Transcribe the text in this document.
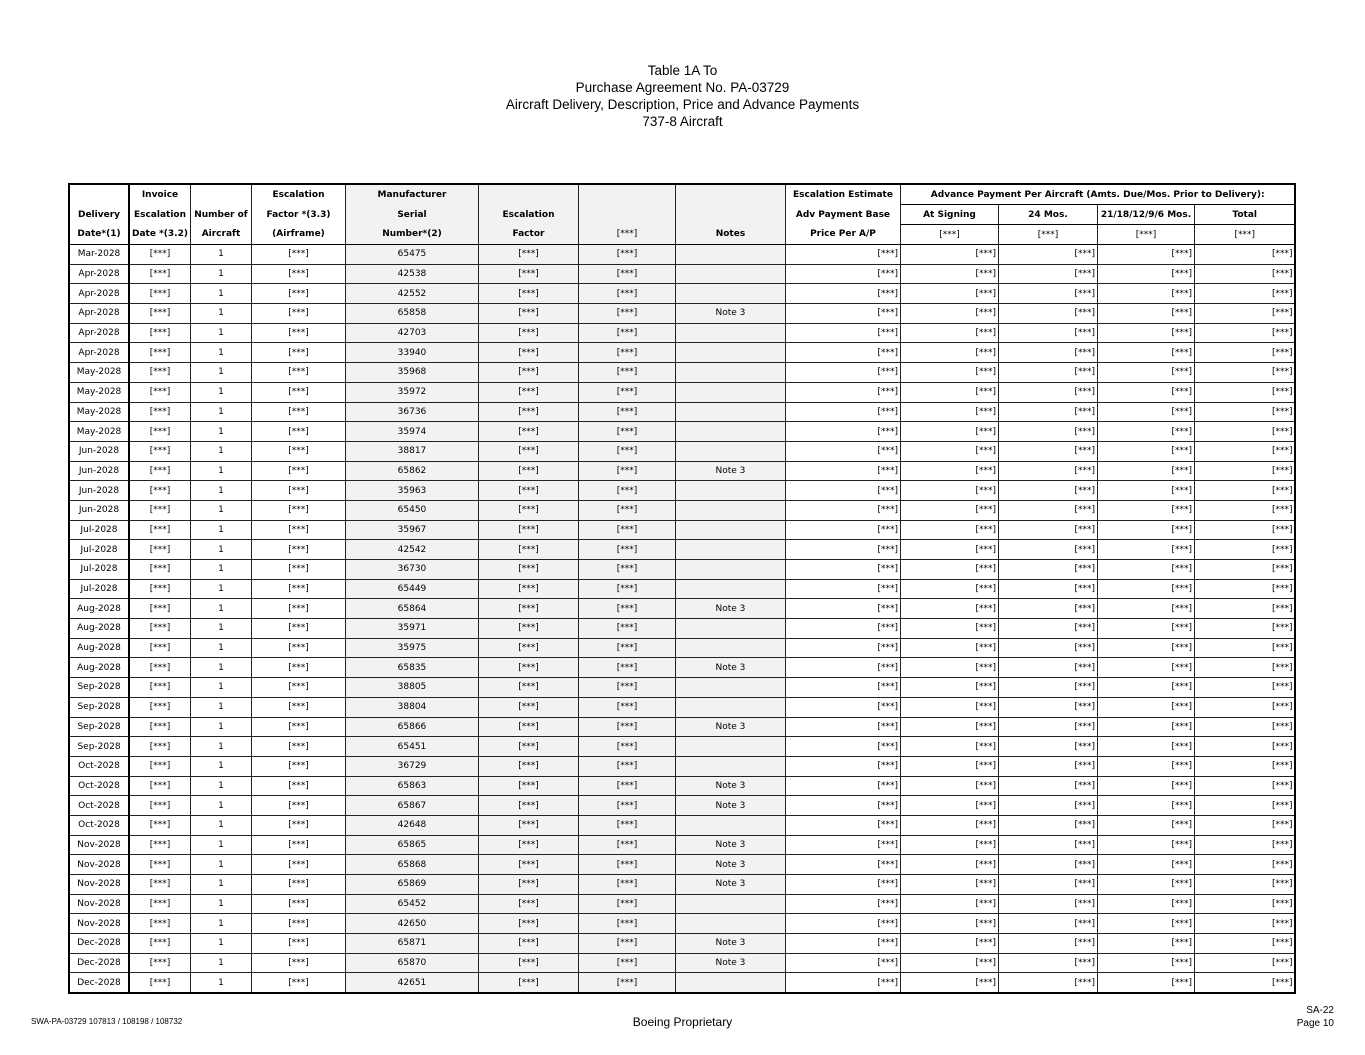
Table 1A To
Purchase Agreement No. PA-03729
Aircraft Delivery, Description, Price and Advance Payments
737-8 Aircraft
	Invoice		Escalation	Manufacturer				Escalation Estimate	Advance Payment Per Aircraft (Amts. Due/Mos. Prior to Delivery):			
Delivery	Escalation	Number of	Factor *(3.3)	Serial	Escalation			Adv Payment Base	At Signing	24 Mos.	21/18/12/9/6 Mos.	Total
Date*(1)	Date *(3.2)	Aircraft	(Airframe)	Number*(2)	Factor	[***]	Notes	Price Per A/P	[***]	[***]	[***]	[***]
Mar-2028	[***]	1	[***]	65475	[***]	[***]		[***]	[***]	[***]	[***]	[***]
Apr-2028	[***]	1	[***]	42538	[***]	[***]		[***]	[***]	[***]	[***]	[***]
Apr-2028	[***]	1	[***]	42552	[***]	[***]		[***]	[***]	[***]	[***]	[***]
Apr-2028	[***]	1	[***]	65858	[***]	[***]	Note 3	[***]	[***]	[***]	[***]	[***]
Apr-2028	[***]	1	[***]	42703	[***]	[***]		[***]	[***]	[***]	[***]	[***]
Apr-2028	[***]	1	[***]	33940	[***]	[***]		[***]	[***]	[***]	[***]	[***]
May-2028	[***]	1	[***]	35968	[***]	[***]		[***]	[***]	[***]	[***]	[***]
May-2028	[***]	1	[***]	35972	[***]	[***]		[***]	[***]	[***]	[***]	[***]
May-2028	[***]	1	[***]	36736	[***]	[***]		[***]	[***]	[***]	[***]	[***]
May-2028	[***]	1	[***]	35974	[***]	[***]		[***]	[***]	[***]	[***]	[***]
Jun-2028	[***]	1	[***]	38817	[***]	[***]		[***]	[***]	[***]	[***]	[***]
Jun-2028	[***]	1	[***]	65862	[***]	[***]	Note 3	[***]	[***]	[***]	[***]	[***]
Jun-2028	[***]	1	[***]	35963	[***]	[***]		[***]	[***]	[***]	[***]	[***]
Jun-2028	[***]	1	[***]	65450	[***]	[***]		[***]	[***]	[***]	[***]	[***]
Jul-2028	[***]	1	[***]	35967	[***]	[***]		[***]	[***]	[***]	[***]	[***]
Jul-2028	[***]	1	[***]	42542	[***]	[***]		[***]	[***]	[***]	[***]	[***]
Jul-2028	[***]	1	[***]	36730	[***]	[***]		[***]	[***]	[***]	[***]	[***]
Jul-2028	[***]	1	[***]	65449	[***]	[***]		[***]	[***]	[***]	[***]	[***]
Aug-2028	[***]	1	[***]	65864	[***]	[***]	Note 3	[***]	[***]	[***]	[***]	[***]
Aug-2028	[***]	1	[***]	35971	[***]	[***]		[***]	[***]	[***]	[***]	[***]
Aug-2028	[***]	1	[***]	35975	[***]	[***]		[***]	[***]	[***]	[***]	[***]
Aug-2028	[***]	1	[***]	65835	[***]	[***]	Note 3	[***]	[***]	[***]	[***]	[***]
Sep-2028	[***]	1	[***]	38805	[***]	[***]		[***]	[***]	[***]	[***]	[***]
Sep-2028	[***]	1	[***]	38804	[***]	[***]		[***]	[***]	[***]	[***]	[***]
Sep-2028	[***]	1	[***]	65866	[***]	[***]	Note 3	[***]	[***]	[***]	[***]	[***]
Sep-2028	[***]	1	[***]	65451	[***]	[***]		[***]	[***]	[***]	[***]	[***]
Oct-2028	[***]	1	[***]	36729	[***]	[***]		[***]	[***]	[***]	[***]	[***]
Oct-2028	[***]	1	[***]	65863	[***]	[***]	Note 3	[***]	[***]	[***]	[***]	[***]
Oct-2028	[***]	1	[***]	65867	[***]	[***]	Note 3	[***]	[***]	[***]	[***]	[***]
Oct-2028	[***]	1	[***]	42648	[***]	[***]		[***]	[***]	[***]	[***]	[***]
Nov-2028	[***]	1	[***]	65865	[***]	[***]	Note 3	[***]	[***]	[***]	[***]	[***]
Nov-2028	[***]	1	[***]	65868	[***]	[***]	Note 3	[***]	[***]	[***]	[***]	[***]
Nov-2028	[***]	1	[***]	65869	[***]	[***]	Note 3	[***]	[***]	[***]	[***]	[***]
Nov-2028	[***]	1	[***]	65452	[***]	[***]		[***]	[***]	[***]	[***]	[***]
Nov-2028	[***]	1	[***]	42650	[***]	[***]		[***]	[***]	[***]	[***]	[***]
Dec-2028	[***]	1	[***]	65871	[***]	[***]	Note 3	[***]	[***]	[***]	[***]	[***]
Dec-2028	[***]	1	[***]	65870	[***]	[***]	Note 3	[***]	[***]	[***]	[***]	[***]
Dec-2028	[***]	1	[***]	42651	[***]	[***]		[***]	[***]	[***]	[***]	[***]
SWA-PA-03729 107813 / 108198 / 108732	Boeing Proprietary
SA-22
Page 10
